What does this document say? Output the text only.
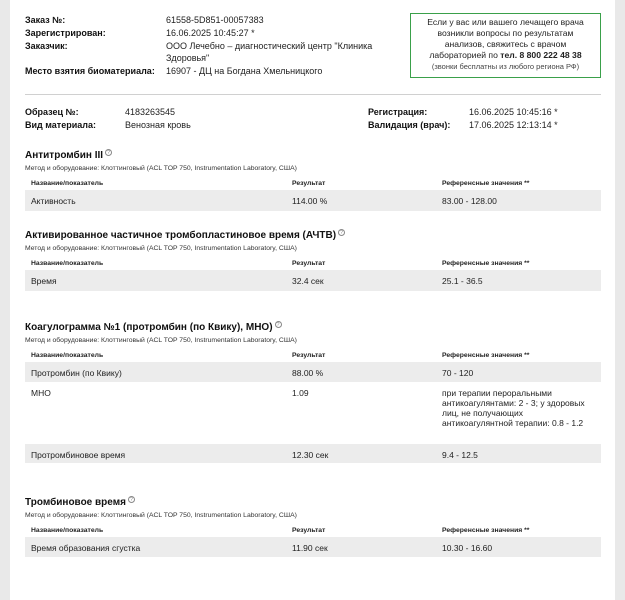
Заказ №:	61558-5D851-00057383
Зарегистрирован:	16.06.2025 10:45:27 *
Заказчик:	ООО Лечебно – диагностический центр "Клиника Здоровья"
Место взятия биоматериала:	16907 - ДЦ на Богдана Хмельницкого
Если у вас или вашего лечащего врача
возникли вопросы по результатам
анализов, свяжитесь с врачом
лабораторией по тел. 8 800 222 48 38
(звонки бесплатны из любого региона РФ)
Образец №:	4183263545
Вид материала:	Венозная кровь
Регистрация:	16.06.2025 10:45:16 *
Валидация (врач):	17.06.2025 12:13:14 *
Антитромбин III ?
Метод и оборудование: Клоттинговый (ACL TOP 750, Instrumentation Laboratory, США)
Название/показатель	Результат	Референсные значения **
Активность	114.00 %	83.00 - 128.00
Активированное частичное тромбопластиновое время (АЧТВ) ?
Метод и оборудование: Клоттинговый (ACL TOP 750, Instrumentation Laboratory, США)
Название/показатель	Результат	Референсные значения **
Время	32.4 сек	25.1 - 36.5
Коагулограмма №1 (протромбин (по Квику), МНО) ?
Метод и оборудование: Клоттинговый (ACL TOP 750, Instrumentation Laboratory, США)
Название/показатель	Результат	Референсные значения **
Протромбин (по Квику)	88.00 %	70 - 120
МНО	1.09	при терапии пероральными антикоагулянтами: 2 - 3; у здоровых лиц, не получающих антикоагулянтной терапии: 0.8 - 1.2
Протромбиновое время	12.30 сек	9.4 - 12.5
Тромбиновое время ?
Метод и оборудование: Клоттинговый (ACL TOP 750, Instrumentation Laboratory, США)
Название/показатель	Результат	Референсные значения **
Время образования сгустка	11.90 сек	10.30 - 16.60
